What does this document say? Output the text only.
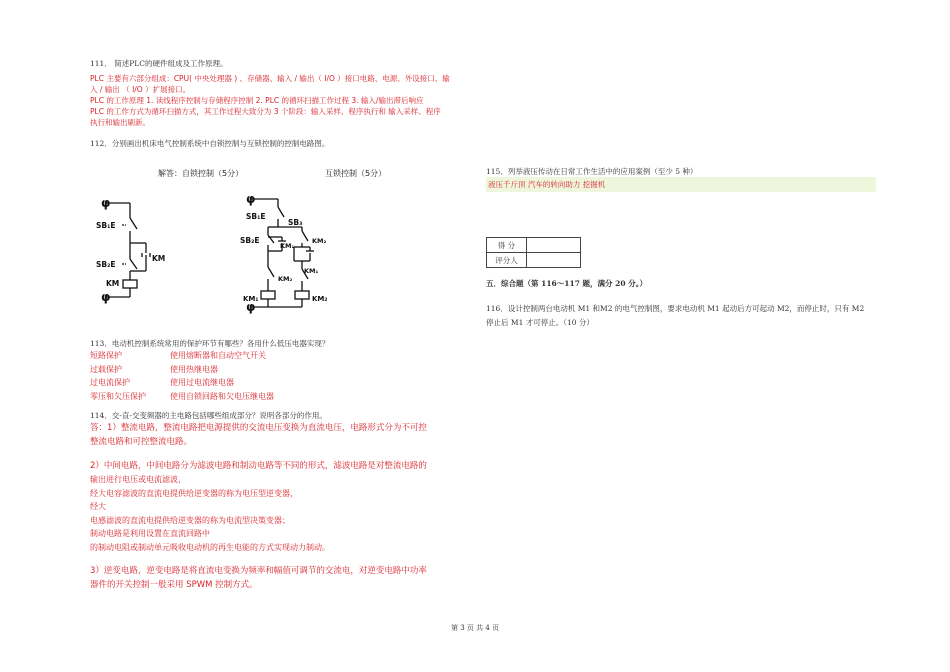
111． 简述PLC的硬件组成及工作原理。
PLC 主要有六部分组成：CPU( 中央处理器 ) 、存储器、输入 / 输出（ I/O ）接口电路、电源、外设接口、输
入 / 输出 （ I/O ）扩展接口。
PLC 的工作原理 1. 读线程序控制与存储程序控制 2. PLC 的循环扫描工作过程 3. 输入/输出滞后响应
PLC 的工作方式为循环扫描方式，其工作过程大致分为 3 个阶段：输入采样、程序执行和 输入采样、程序
执行和输出刷新。
112．分别画出机床电气控制系统中自锁控制与互锁控制的控制电路图。
解答：自锁控制（5分）	互锁控制（5分）
φ
φ
SB₁E
SB₂E
KM
KM
φ
φ
SB₁E
SB₃
SB₂E
KM₁
KM₂
KM₁
KM₂
KM₁	KM₂
113．电动机控制系统常用的保护环节有哪些？各用什么低压电器实现？
短路保护	使用熔断器和自动空气开关
过载保护	使用热继电器
过电流保护	使用过电流继电器
零压和欠压保护	使用自锁回路和欠电压继电器
114．交-直-交变频器的主电路包括哪些组成部分？说明各部分的作用。
答：1）整流电路，整流电路把电源提供的交流电压变换为直流电压，电路形式分为不可控
整流电路和可控整流电路。
2）中间电路，中间电路分为滤波电路和制动电路等不同的形式，滤波电路是对整流电路的
输出进行电压或电流滤波，
经大电容滤波的直流电提供给逆变器的称为电压型逆变器，
经大
电感滤波的直流电提供给逆变器的称为电流型决策变器；
制动电路是利用设置在直流回路中
的制动电阻或制动单元吸收电动机的再生电能的方式实现动力制动。
3）逆变电路，逆变电路是将直流电变换为频率和幅值可调节的交流电，对逆变电路中功率
器件的开关控制一般采用 SPWM 控制方式。
115．列举液压传动在日常工作生活中的应用案例（至少 5 种）
液压千斤顶 汽车的转向助力 挖掘机
得 分	
评分人	
五．综合题（第 116～117 题，满分 20 分。）
116．设计控制两台电动机 M1 和M2 的电气控制图，要求电动机 M1 起动后方可起动 M2，而停止时，只有 M2
停止后 M1 才可停止。（10 分）
第 3 页 共 4 页
